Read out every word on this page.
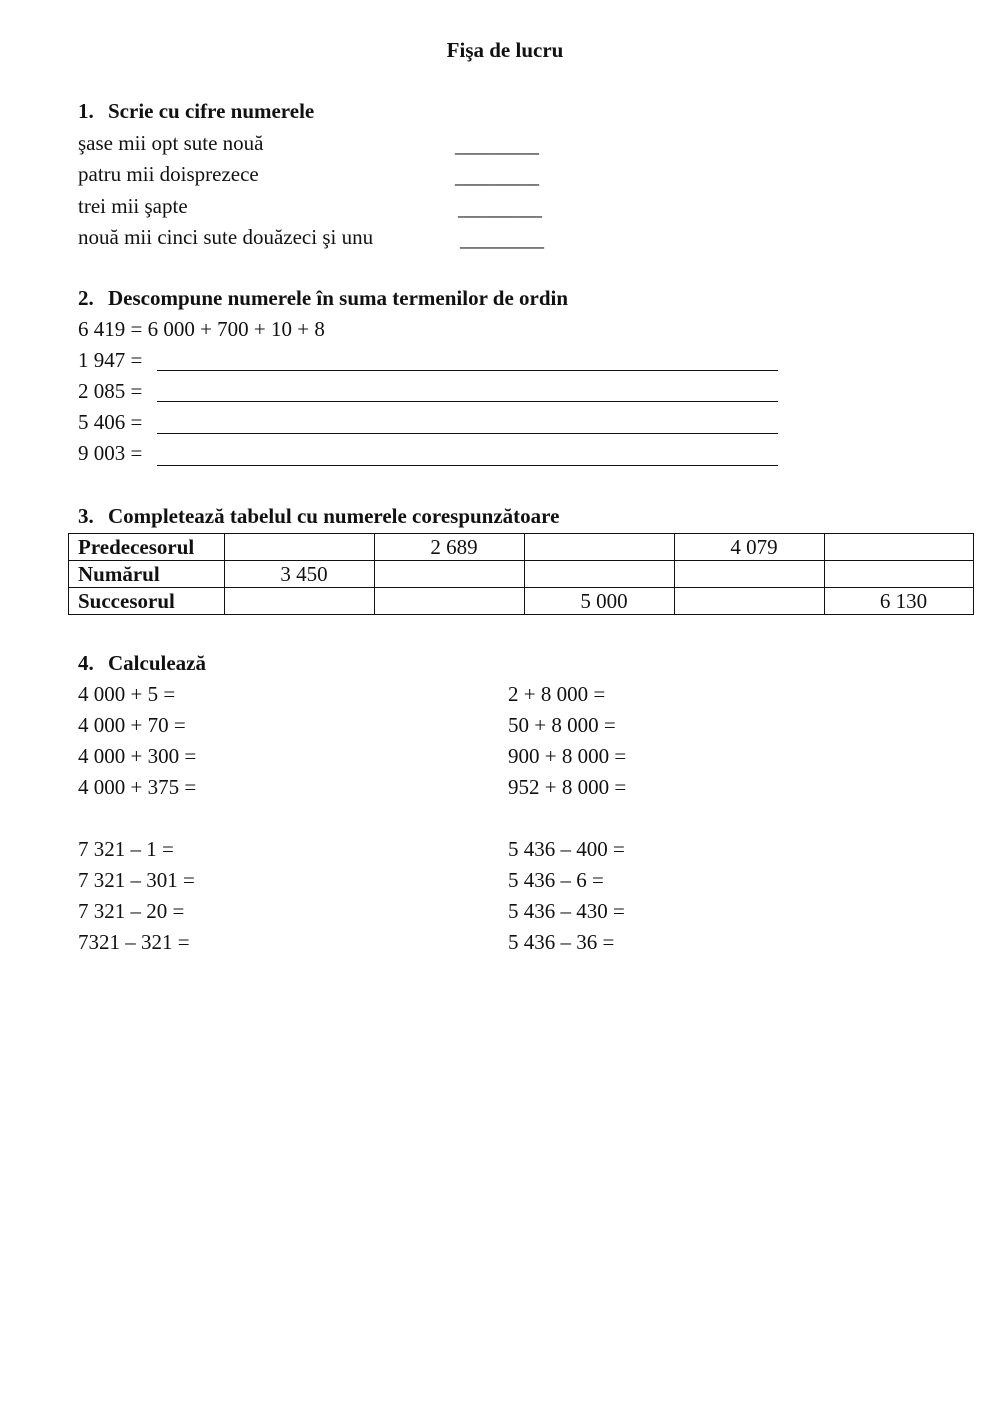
Fişa de lucru
1. Scrie cu cifre numerele
şase mii opt sute nouă	________
patru mii doisprezece	________
trei mii şapte	________
nouă mii cinci sute douăzeci şi unu	________
2. Descompune numerele în suma termenilor de ordin
6 419 = 6 000 + 700 + 10 + 8
1 947 =
2 085 =
5 406 =
9 003 =
3. Completează tabelul cu numerele corespunzătoare
Predecesorul		2 689		4 079	
Numărul	3 450				
Succesorul			5 000		6 130
4. Calculează
4 000 + 5 =	2 + 8 000 =
4 000 + 70 =	50 + 8 000 =
4 000 + 300 =	900 + 8 000 =
4 000 + 375 =	952 + 8 000 =
7 321 – 1 =	5 436 – 400 =
7 321 – 301 =	5 436 – 6 =
7 321 – 20 =	5 436 – 430 =
7321 – 321 =	5 436 – 36 =
